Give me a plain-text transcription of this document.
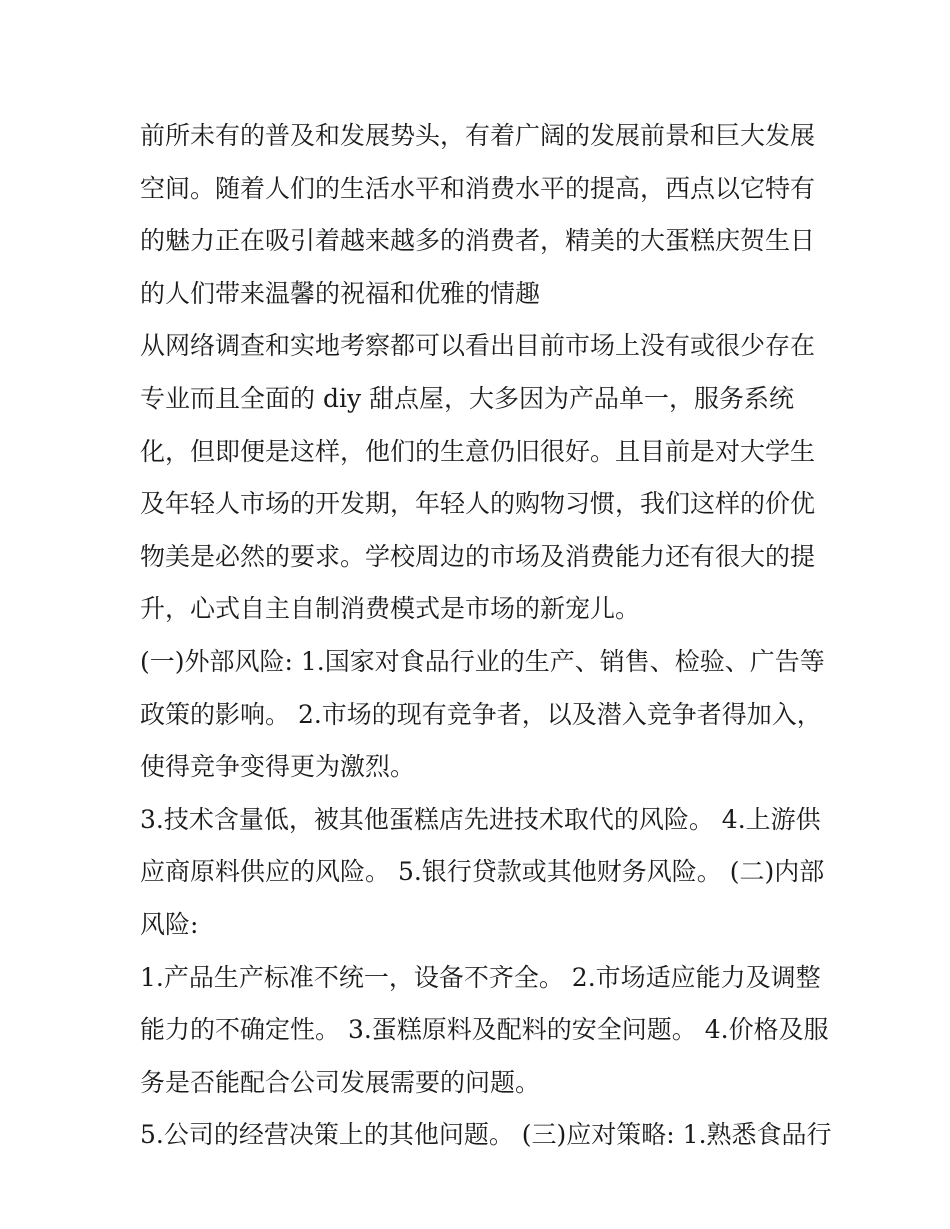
前所未有的普及和发展势头，有着广阔的发展前景和巨大发展
空间。随着人们的生活水平和消费水平的提高，西点以它特有
的魅力正在吸引着越来越多的消费者，精美的大蛋糕庆贺生日
的人们带来温馨的祝福和优雅的情趣
从网络调查和实地考察都可以看出目前市场上没有或很少存在
专业而且全面的 diy 甜点屋，大多因为产品单一，服务系统
化，但即便是这样，他们的生意仍旧很好。且目前是对大学生
及年轻人市场的开发期，年轻人的购物习惯，我们这样的价优
物美是必然的要求。学校周边的市场及消费能力还有很大的提
升，心式自主自制消费模式是市场的新宠儿。
(一)外部风险: 1.国家对食品行业的生产、销售、检验、广告等
政策的影响。 2.市场的现有竞争者，以及潜入竞争者得加入，
使得竞争变得更为激烈。
3.技术含量低，被其他蛋糕店先进技术取代的风险。 4.上游供
应商原料供应的风险。 5.银行贷款或其他财务风险。 (二)内部
风险:
1.产品生产标准不统一，设备不齐全。 2.市场适应能力及调整
能力的不确定性。 3.蛋糕原料及配料的安全问题。 4.价格及服
务是否能配合公司发展需要的问题。
5.公司的经营决策上的其他问题。 (三)应对策略: 1.熟悉食品行
